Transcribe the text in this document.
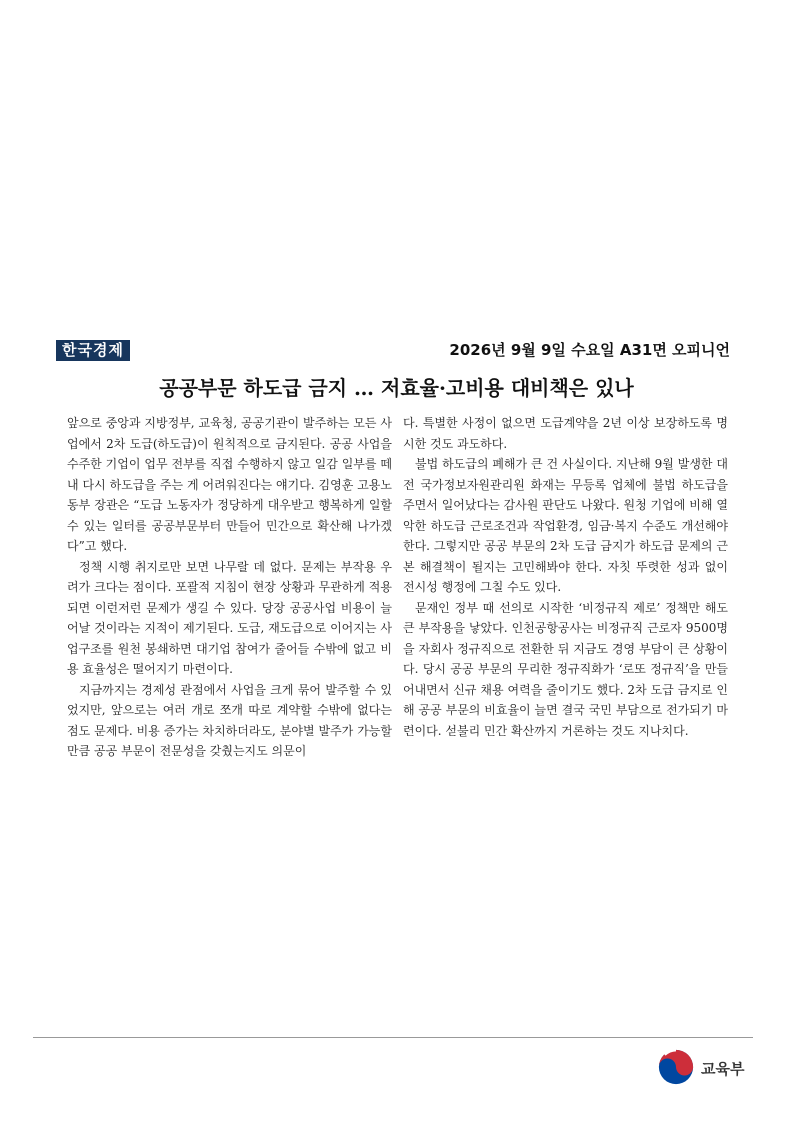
한국경제	2026년 9월 9일 수요일 A31면 오피니언
공공부문 하도급 금지 … 저효율·고비용 대비책은 있나

앞으로 중앙과 지방정부, 교육청, 공공기관이 발주하는 모든 사업에서 2차 도급(하도급)이 원칙적으로 금지된다. 공공 사업을 수주한 기업이 업무 전부를 직접 수행하지 않고 일감 일부를 떼내 다시 하도급을 주는 게 어려워진다는 얘기다. 김영훈 고용노동부 장관은 “도급 노동자가 정당하게 대우받고 행복하게 일할 수 있는 일터를 공공부문부터 만들어 민간으로 확산해 나가겠다”고 했다.

정책 시행 취지로만 보면 나무랄 데 없다. 문제는 부작용 우려가 크다는 점이다. 포괄적 지침이 현장 상황과 무관하게 적용되면 이런저런 문제가 생길 수 있다. 당장 공공사업 비용이 늘어날 것이라는 지적이 제기된다. 도급, 재도급으로 이어지는 사업구조를 원천 봉쇄하면 대기업 참여가 줄어들 수밖에 없고 비용 효율성은 떨어지기 마련이다.

지금까지는 경제성 관점에서 사업을 크게 묶어 발주할 수 있었지만, 앞으로는 여러 개로 쪼개 따로 계약할 수밖에 없다는 점도 문제다. 비용 증가는 차치하더라도, 분야별 발주가 가능할 만큼 공공 부문이 전문성을 갖췄는지도 의문이

다. 특별한 사정이 없으면 도급계약을 2년 이상 보장하도록 명시한 것도 과도하다.

불법 하도급의 폐해가 큰 건 사실이다. 지난해 9월 발생한 대전 국가정보자원관리원 화재는 무등록 업체에 불법 하도급을 주면서 일어났다는 감사원 판단도 나왔다. 원청 기업에 비해 열악한 하도급 근로조건과 작업환경, 임금·복지 수준도 개선해야 한다. 그렇지만 공공 부문의 2차 도급 금지가 하도급 문제의 근본 해결책이 될지는 고민해봐야 한다. 자칫 뚜렷한 성과 없이 전시성 행정에 그칠 수도 있다.

문재인 정부 때 선의로 시작한 ‘비정규직 제로’ 정책만 해도 큰 부작용을 낳았다. 인천공항공사는 비정규직 근로자 9500명을 자회사 정규직으로 전환한 뒤 지금도 경영 부담이 큰 상황이다. 당시 공공 부문의 무리한 정규직화가 ‘로또 정규직’을 만들어내면서 신규 채용 여력을 줄이기도 했다. 2차 도급 금지로 인해 공공 부문의 비효율이 늘면 결국 국민 부담으로 전가되기 마련이다. 섣불리 민간 확산까지 거론하는 것도 지나치다.

교육부
